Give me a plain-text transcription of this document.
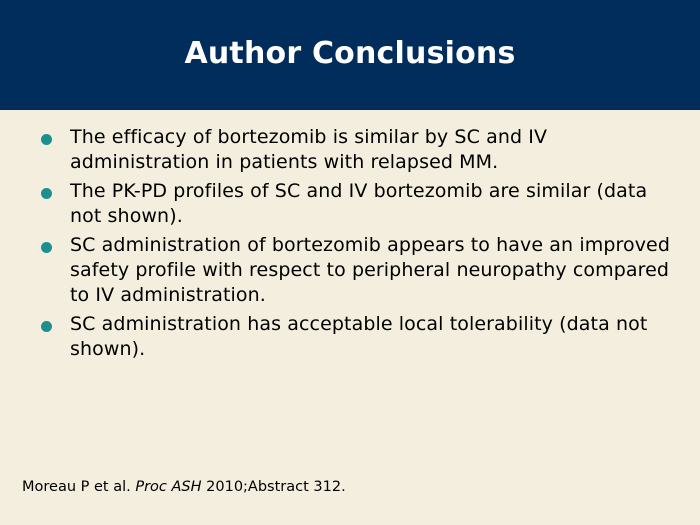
Author Conclusions
The efficacy of bortezomib is similar by SC and IV administration in patients with relapsed MM.
The PK-PD profiles of SC and IV bortezomib are similar (data not shown).
SC administration of bortezomib appears to have an improved safety profile with respect to peripheral neuropathy compared to IV administration.
SC administration has acceptable local tolerability (data not shown).
Moreau P et al. Proc ASH 2010;Abstract 312.
